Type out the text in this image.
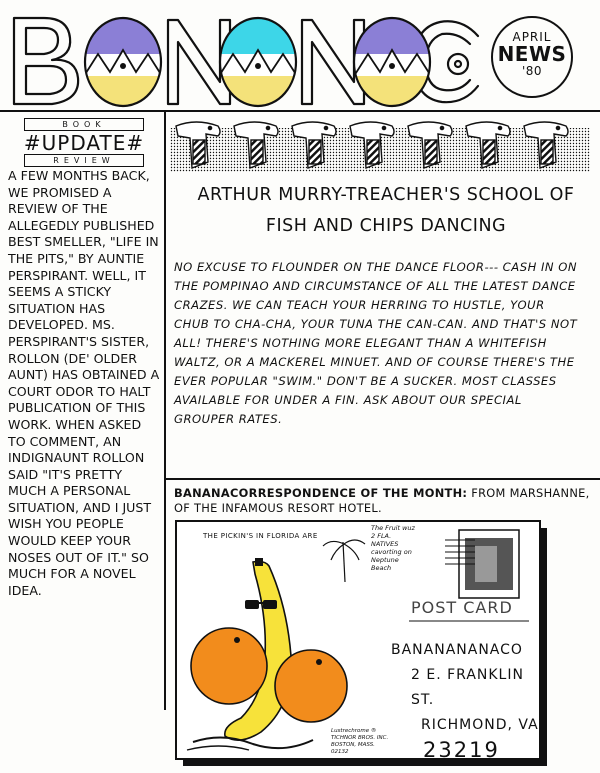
APRIL
NEWS
'80
BOOK
#UPDATE#
REVIEW
A FEW MONTHS BACK, WE PROMISED A REVIEW OF THE ALLEGEDLY PUBLISHED BEST SMELLER, "LIFE IN THE PITS," BY AUNTIE PERSPIRANT. WELL, IT SEEMS A STICKY SITUATION HAS DEVELOPED. MS. PERSPIRANT'S SISTER, ROLLON (DE' OLDER AUNT) HAS OBTAINED A COURT ODOR TO HALT PUBLICATION OF THIS WORK. WHEN ASKED TO COMMENT, AN INDIGNAUNT ROLLON SAID "IT'S PRETTY MUCH A PERSONAL SITUATION, AND I JUST WISH YOU PEOPLE WOULD KEEP YOUR NOSES OUT OF IT." SO MUCH FOR A NOVEL IDEA.
ARTHUR MURRY-TREACHER'S SCHOOL OF FISH AND CHIPS DANCING
NO EXCUSE TO FLOUNDER ON THE DANCE FLOOR--- CASH IN ON THE POMPINAO AND CIRCUMSTANCE OF ALL THE LATEST DANCE CRAZES. WE CAN TEACH YOUR HERRING TO HUSTLE, YOUR CHUB TO CHA-CHA, YOUR TUNA THE CAN-CAN. AND THAT'S NOT ALL! THERE'S NOTHING MORE ELEGANT THAN A WHITEFISH WALTZ, OR A MACKEREL MINUET. AND OF COURSE THERE'S THE EVER POPULAR "SWIM." DON'T BE A SUCKER. MOST CLASSES AVAILABLE FOR UNDER A FIN. ASK ABOUT OUR SPECIAL GROUPER RATES.
BANANACORRESPONDENCE OF THE MONTH: FROM MARSHANNE, OF THE INFAMOUS RESORT HOTEL.
THE PICKIN'S IN FLORIDA ARE
The Fruit wuz 2 FLA. NATIVES cavorting on Neptune Beach
POST CARD
BANANANANACO
2 E. FRANKLIN ST.
RICHMOND, VA
23219
Lustrechrome ® TICHNOR BROS. INC. BOSTON, MASS. 02132
